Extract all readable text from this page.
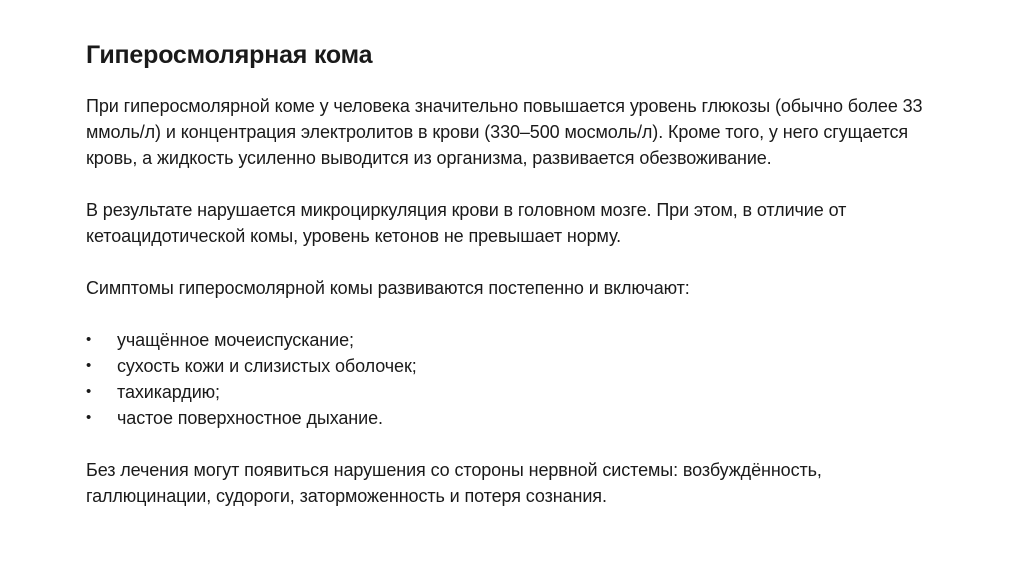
Гиперосмолярная кома

При гиперосмолярной коме у человека значительно повышается уровень глюкозы (обычно более 33 ммоль/л) и концентрация электролитов в крови (330–500 мосмоль/л). Кроме того, у него сгущается кровь, а жидкость усиленно выводится из организма, развивается обезвоживание.

В результате нарушается микроциркуляция крови в головном мозге. При этом, в отличие от кетоацидотической комы, уровень кетонов не превышает норму.

Симптомы гиперосмолярной комы развиваются постепенно и включают:

• учащённое мочеиспускание;
• сухость кожи и слизистых оболочек;
• тахикардию;
• частое поверхностное дыхание.

Без лечения могут появиться нарушения со стороны нервной системы: возбуждённость, галлюцинации, судороги, заторможенность и потеря сознания.
